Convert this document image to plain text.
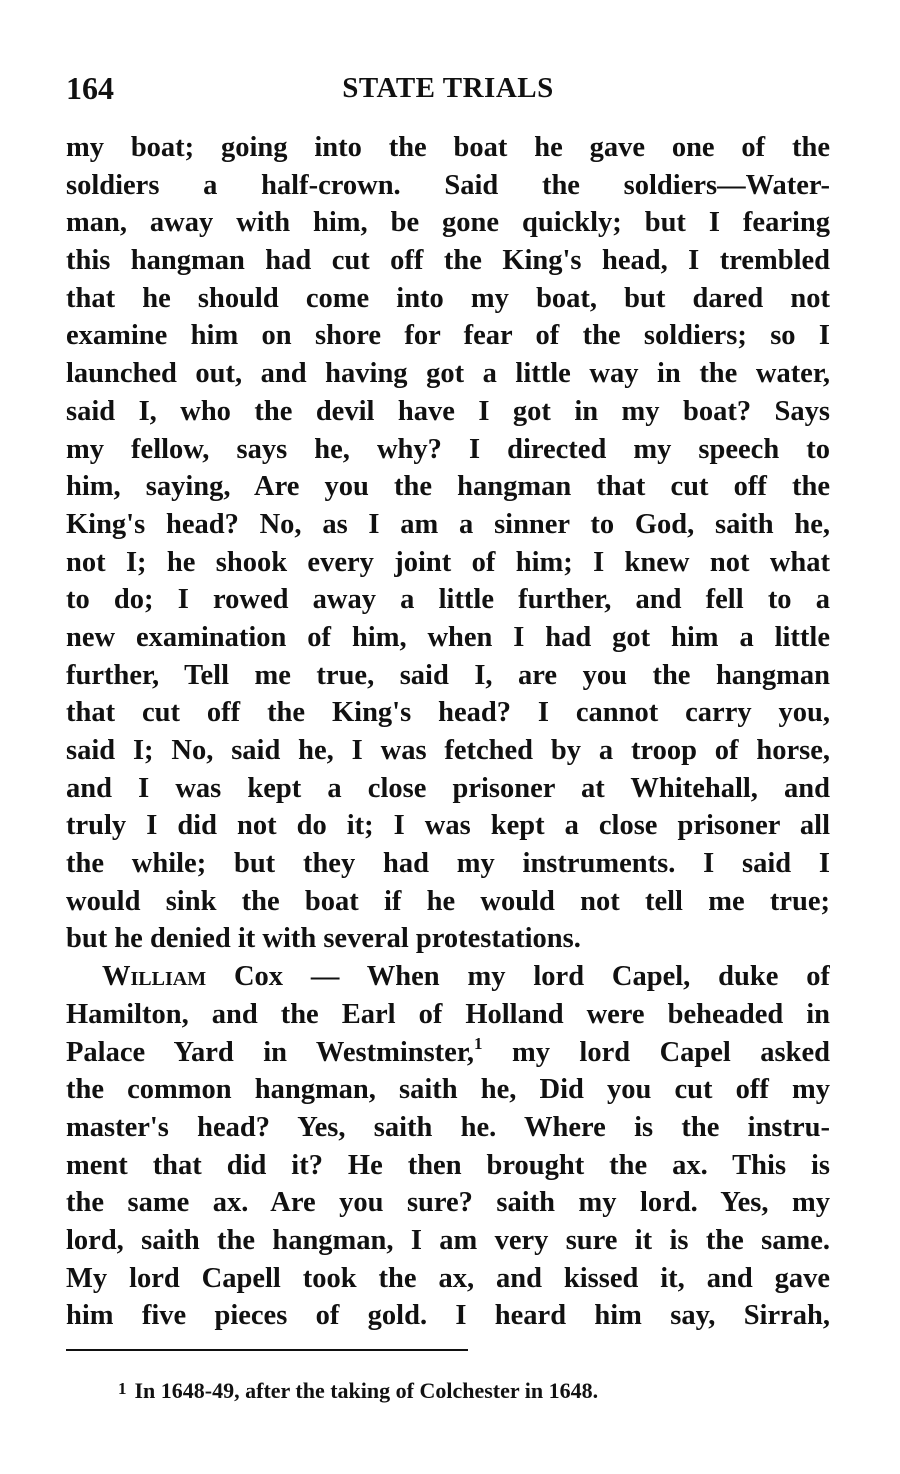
164	STATE TRIALS
my boat; going into the boat he gave one of the
soldiers a half-crown. Said the soldiers—Water-
man, away with him, be gone quickly; but I fearing
this hangman had cut off the King's head, I trembled
that he should come into my boat, but dared not
examine him on shore for fear of the soldiers; so I
launched out, and having got a little way in the water,
said I, who the devil have I got in my boat? Says
my fellow, says he, why? I directed my speech to
him, saying, Are you the hangman that cut off the
King's head? No, as I am a sinner to God, saith he,
not I; he shook every joint of him; I knew not what
to do; I rowed away a little further, and fell to a
new examination of him, when I had got him a little
further, Tell me true, said I, are you the hangman
that cut off the King's head? I cannot carry you,
said I; No, said he, I was fetched by a troop of horse,
and I was kept a close prisoner at Whitehall, and
truly I did not do it; I was kept a close prisoner all
the while; but they had my instruments. I said I
would sink the boat if he would not tell me true;
but he denied it with several protestations.
William Cox — When my lord Capel, duke of
Hamilton, and the Earl of Holland were beheaded in
Palace Yard in Westminster,$^1$ my lord Capel asked
the common hangman, saith he, Did you cut off my
master's head? Yes, saith he. Where is the instru-
ment that did it? He then brought the ax. This is
the same ax. Are you sure? saith my lord. Yes, my
lord, saith the hangman, I am very sure it is the same.
My lord Capell took the ax, and kissed it, and gave
him five pieces of gold. I heard him say, Sirrah,
1 In 1648-49, after the taking of Colchester in 1648.
